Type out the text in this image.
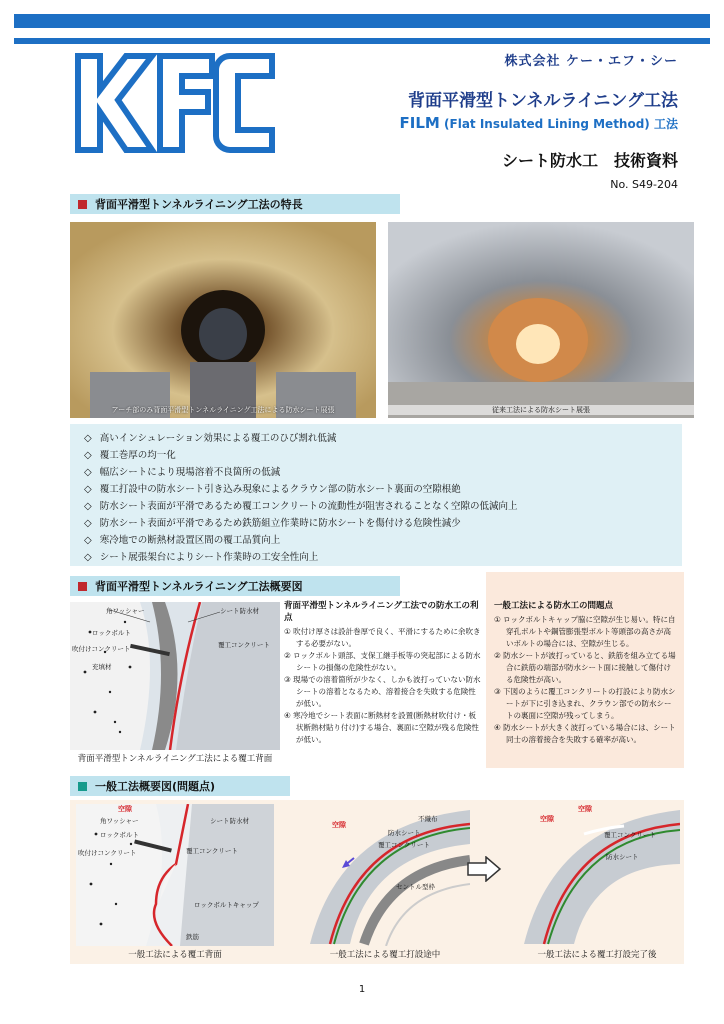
株式会社 ケー・エフ・シー
背面平滑型トンネルライニング工法
FILM (Flat Insulated Lining Method) 工法
シート防水工　技術資料
No. S49-204
背面平滑型トンネルライニング工法の特長
アーチ部のみ背面平滑型トンネルライニング工法による防水シート展張	従来工法による防水シート展張
◇ 高いインシュレーション効果による覆工のひび割れ低減
◇ 覆工巻厚の均一化
◇ 幅広シートにより現場溶着不良箇所の低減
◇ 覆工打設中の防水シート引き込み現象によるクラウン部の防水シート裏面の空隙根絶
◇ 防水シート表面が平滑であるため覆工コンクリートの流動性が阻害されることなく空隙の低減向上
◇ 防水シート表面が平滑であるため鉄筋組立作業時に防水シートを傷付ける危険性減少
◇ 寒冷地での断熱材設置区間の覆工品質向上
◇ シート展張架台によりシート作業時の工安全性向上
背面平滑型トンネルライニング工法概要図
角ワッシャー	シート防水材
ロックボルト
吹付けコンクリート	覆工コンクリート
充填材
背面平滑型トンネルライニング工法による覆工背面
背面平滑型トンネルライニング工法での防水工の利点

① 吹付け厚さは設計巻厚で良く、平滑にするために余吹きする必要がない。

② ロックボルト頭部、支保工継手板等の突起部による防水シートの損傷の危険性がない。

③ 現場での溶着箇所が少なく、しかも波打っていない防水シートの溶着となるため、溶着接合を失敗する危険性が低い。

④ 寒冷地でシート表面に断熱材を設置(断熱材吹付け・板状断熱材貼り付け)する場合、裏面に空隙が残る危険性が低い。

一般工法による防水工の問題点

① ロックボルトキャップ脇に空隙が生じ易い。特に自穿孔ボルトや鋼管膨張型ボルト等頭部の高さが高いボルトの場合には、空隙が生じる。

② 防水シートが波打っていると、鉄筋を組み立てる場合に鉄筋の端部が防水シート面に接触して傷付ける危険性が高い。

③ 下図のように覆工コンクリートの打設により防水シートが下に引き込まれ、クラウン部での防水シートの裏面に空隙が残ってしまう。

④ 防水シートが大きく波打っている場合には、シート同士の溶着接合を失敗する確率が高い。

一般工法概要図(問題点)
空隙
角ワッシャー	シート防水材
ロックボルト
吹付けコンクリート	覆工コンクリート
ロックボルトキャップ
鉄筋
空隙
不織布
防水シート
覆工コンクリート
セントル型枠
空隙
空隙
覆工コンクリート
防水シート
一般工法による覆工背面	一般工法による覆工打設途中	一般工法による覆工打設完了後
1
